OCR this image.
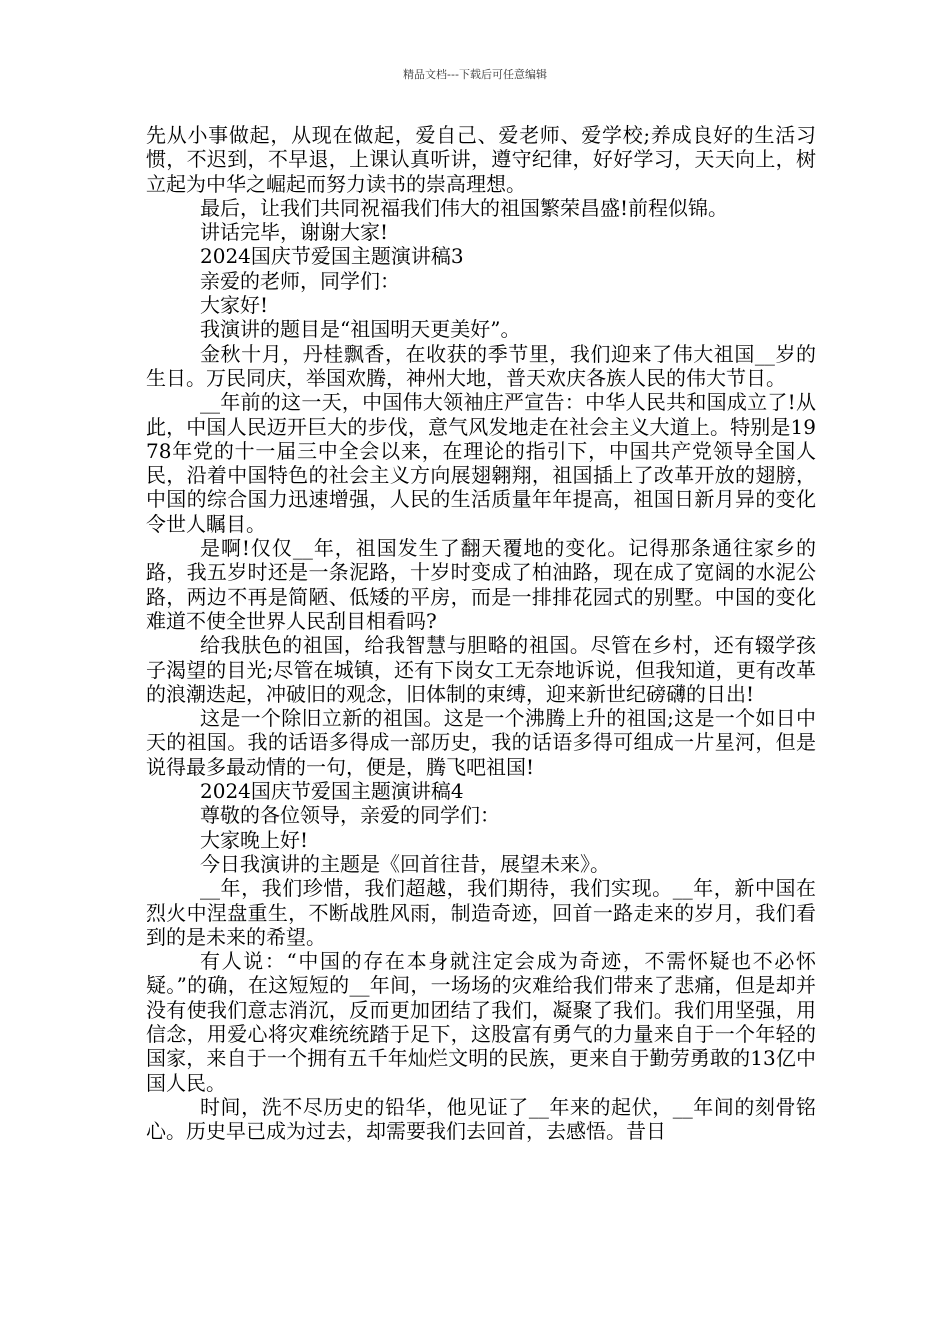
精品文档---下载后可任意编辑

先从小事做起，从现在做起，爱自己、爱老师、爱学校;养成良好的生活习惯，不迟到，不早退，上课认真听讲，遵守纪律，好好学习，天天向上，树立起为中华之崛起而努力读书的崇高理想。

最后，让我们共同祝福我们伟大的祖国繁荣昌盛!前程似锦。

讲话完毕，谢谢大家!

2024国庆节爱国主题演讲稿3

亲爱的老师，同学们：

大家好!

我演讲的题目是“祖国明天更美好”。

金秋十月，丹桂飘香，在收获的季节里，我们迎来了伟大祖国__岁的生日。万民同庆，举国欢腾，神州大地，普天欢庆各族人民的伟大节日。

__年前的这一天，中国伟大领袖庄严宣告：中华人民共和国成立了!从此，中国人民迈开巨大的步伐，意气风发地走在社会主义大道上。特别是1978年党的十一届三中全会以来，在理论的指引下，中国共产党领导全国人民，沿着中国特色的社会主义方向展翅翱翔，祖国插上了改革开放的翅膀，中国的综合国力迅速增强，人民的生活质量年年提高，祖国日新月异的变化令世人瞩目。

是啊!仅仅__年，祖国发生了翻天覆地的变化。记得那条通往家乡的路，我五岁时还是一条泥路，十岁时变成了柏油路，现在成了宽阔的水泥公路，两边不再是简陋、低矮的平房，而是一排排花园式的别墅。中国的变化难道不使全世界人民刮目相看吗?

给我肤色的祖国，给我智慧与胆略的祖国。尽管在乡村，还有辍学孩子渴望的目光;尽管在城镇，还有下岗女工无奈地诉说，但我知道，更有改革的浪潮迭起，冲破旧的观念，旧体制的束缚，迎来新世纪磅礴的日出!

这是一个除旧立新的祖国。这是一个沸腾上升的祖国;这是一个如日中天的祖国。我的话语多得成一部历史，我的话语多得可组成一片星河，但是说得最多最动情的一句，便是，腾飞吧祖国!

2024国庆节爱国主题演讲稿4

尊敬的各位领导，亲爱的同学们：

大家晚上好!

今日我演讲的主题是《回首往昔，展望未来》。

__年，我们珍惜，我们超越，我们期待，我们实现。__年，新中国在烈火中涅盘重生，不断战胜风雨，制造奇迹，回首一路走来的岁月，我们看到的是未来的希望。

有人说：“中国的存在本身就注定会成为奇迹，不需怀疑也不必怀疑。”的确，在这短短的__年间，一场场的灾难给我们带来了悲痛，但是却并没有使我们意志消沉，反而更加团结了我们，凝聚了我们。我们用坚强，用信念，用爱心将灾难统统踏于足下，这股富有勇气的力量来自于一个年轻的国家，来自于一个拥有五千年灿烂文明的民族，更来自于勤劳勇敢的13亿中国人民。

时间，洗不尽历史的铅华，他见证了__年来的起伏，__年间的刻骨铭心。历史早已成为过去，却需要我们去回首，去感悟。昔日
